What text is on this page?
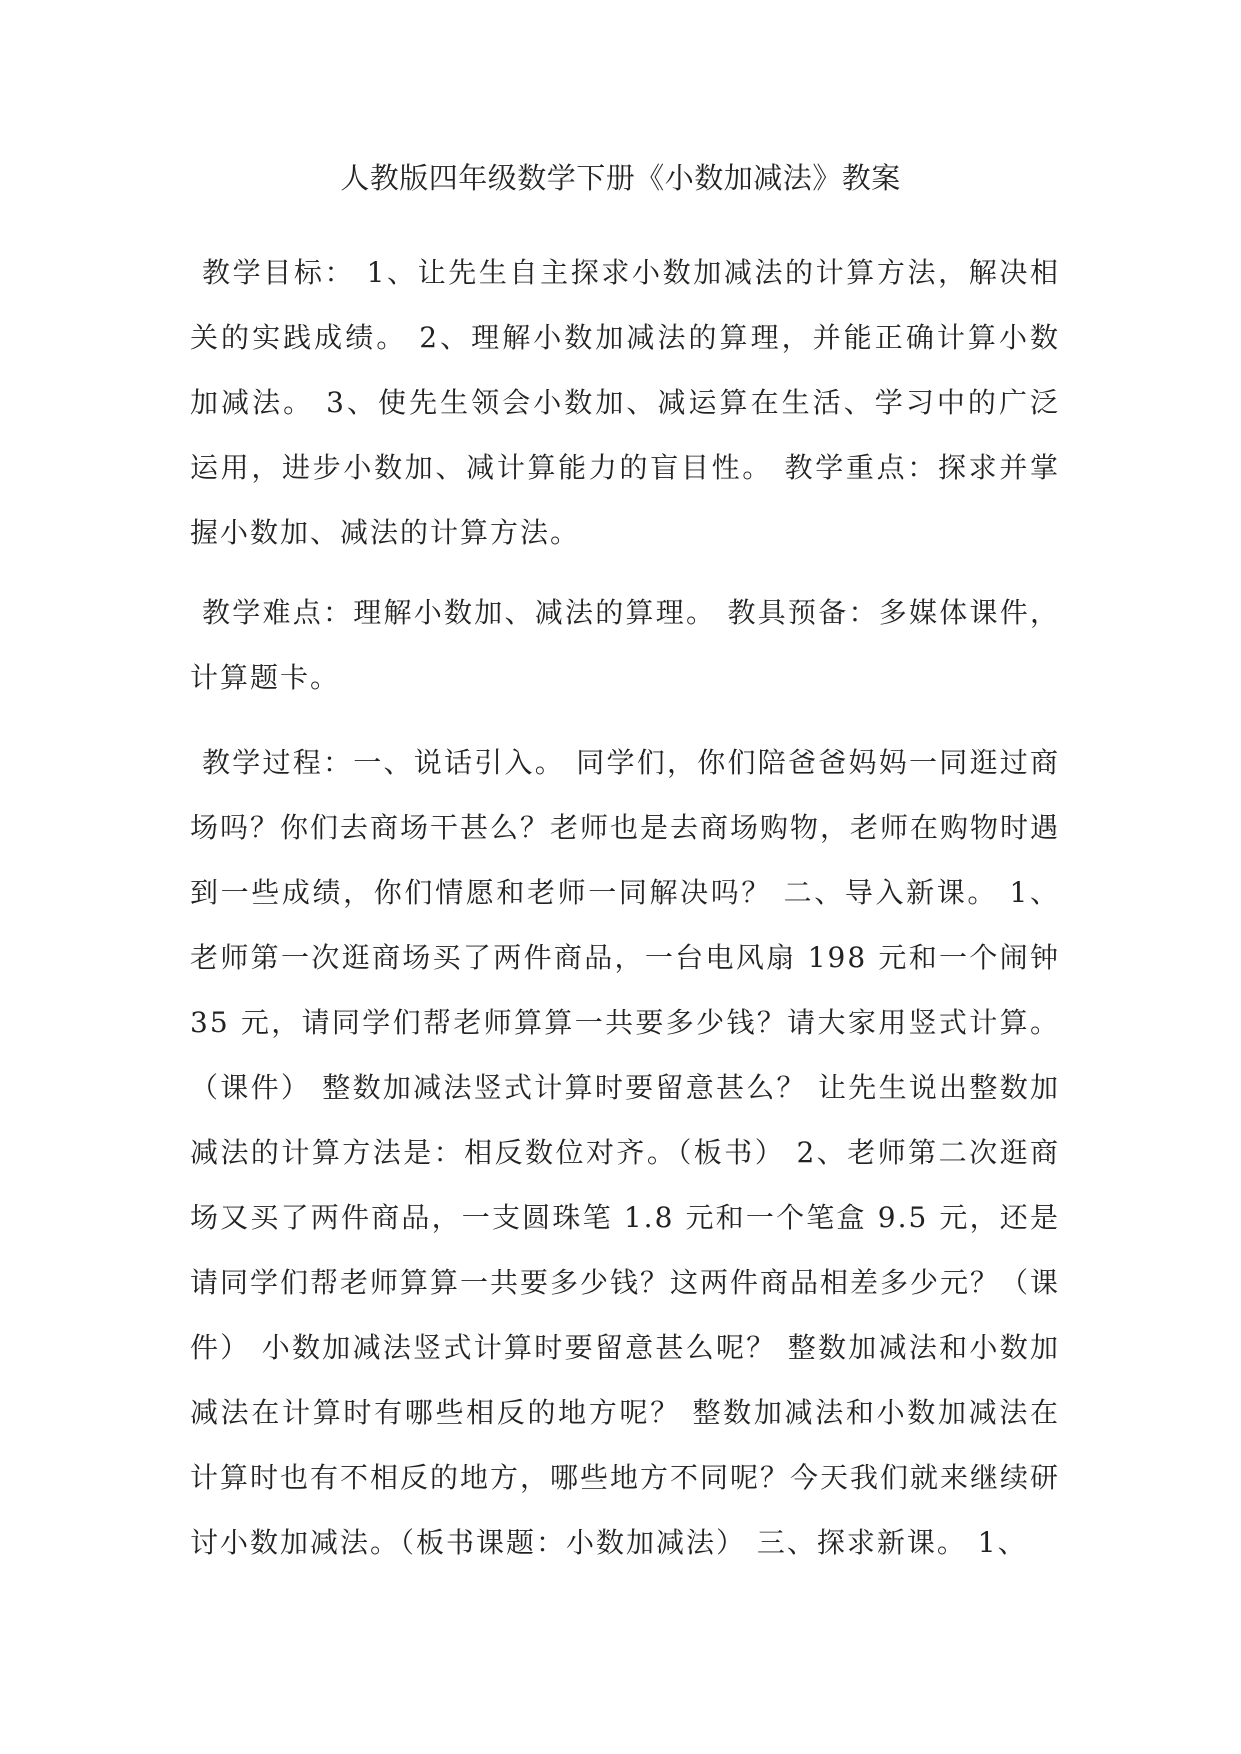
人教版四年级数学下册《小数加减法》教案
教学目标： 1、让先生自主探求小数加减法的计算方法，解决相关的实践成绩。 2、理解小数加减法的算理，并能正确计算小数加减法。 3、使先生领会小数加、减运算在生活、学习中的广泛运用，进步小数加、减计算能力的盲目性。 教学重点：探求并掌握小数加、减法的计算方法。
教学难点：理解小数加、减法的算理。 教具预备：多媒体课件，计算题卡。
教学过程：一、说话引入。 同学们，你们陪爸爸妈妈一同逛过商场吗？你们去商场干甚么？老师也是去商场购物，老师在购物时遇到一些成绩，你们情愿和老师一同解决吗？ 二、导入新课。 1、老师第一次逛商场买了两件商品，一台电风扇 198 元和一个闹钟 35 元，请同学们帮老师算算一共要多少钱？请大家用竖式计算。（课件） 整数加减法竖式计算时要留意甚么？ 让先生说出整数加减法的计算方法是：相反数位对齐。（板书） 2、老师第二次逛商场又买了两件商品，一支圆珠笔 1.8 元和一个笔盒 9.5 元，还是请同学们帮老师算算一共要多少钱？这两件商品相差多少元？（课件） 小数加减法竖式计算时要留意甚么呢？ 整数加减法和小数加减法在计算时有哪些相反的地方呢？ 整数加减法和小数加减法在计算时也有不相反的地方，哪些地方不同呢？今天我们就来继续研讨小数加减法。（板书课题：小数加减法） 三、探求新课。 1、
